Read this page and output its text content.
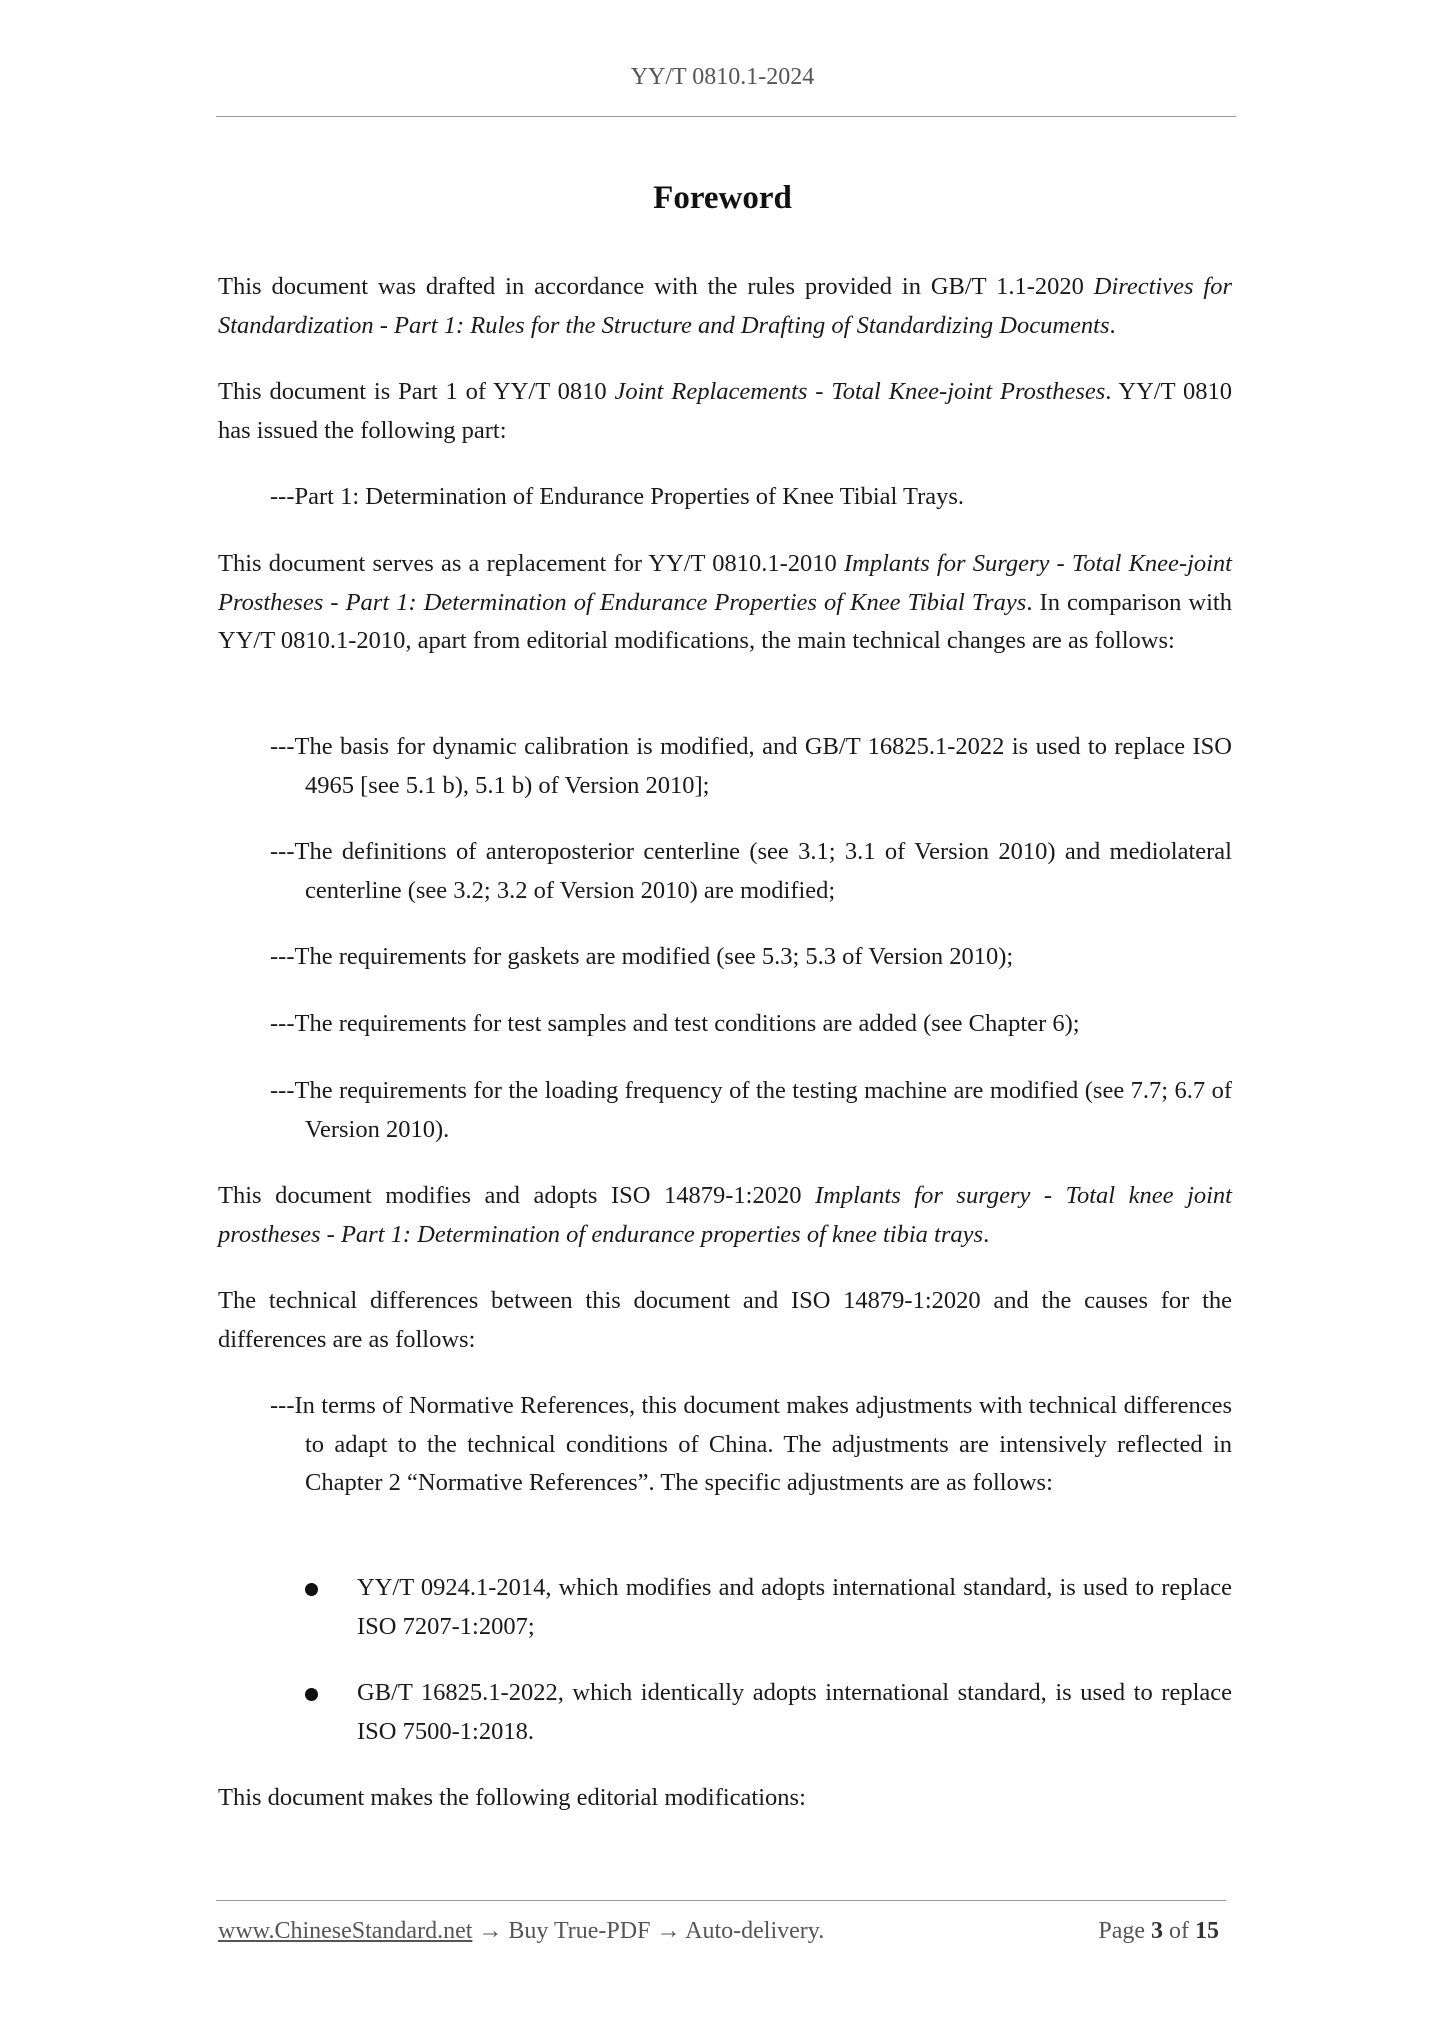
YY/T 0810.1-2024
Foreword
This document was drafted in accordance with the rules provided in GB/T 1.1-2020 Directives for Standardization - Part 1: Rules for the Structure and Drafting of Standardizing Documents.
This document is Part 1 of YY/T 0810 Joint Replacements - Total Knee-joint Prostheses. YY/T 0810 has issued the following part:
---Part 1: Determination of Endurance Properties of Knee Tibial Trays.
This document serves as a replacement for YY/T 0810.1-2010 Implants for Surgery - Total Knee-joint Prostheses - Part 1: Determination of Endurance Properties of Knee Tibial Trays. In comparison with YY/T 0810.1-2010, apart from editorial modifications, the main technical changes are as follows:
---The basis for dynamic calibration is modified, and GB/T 16825.1-2022 is used to replace ISO 4965 [see 5.1 b), 5.1 b) of Version 2010];
---The definitions of anteroposterior centerline (see 3.1; 3.1 of Version 2010) and mediolateral centerline (see 3.2; 3.2 of Version 2010) are modified;
---The requirements for gaskets are modified (see 5.3; 5.3 of Version 2010);
---The requirements for test samples and test conditions are added (see Chapter 6);
---The requirements for the loading frequency of the testing machine are modified (see 7.7; 6.7 of Version 2010).
This document modifies and adopts ISO 14879-1:2020 Implants for surgery - Total knee joint prostheses - Part 1: Determination of endurance properties of knee tibia trays.
The technical differences between this document and ISO 14879-1:2020 and the causes for the differences are as follows:
---In terms of Normative References, this document makes adjustments with technical differences to adapt to the technical conditions of China. The adjustments are intensively reflected in Chapter 2 “Normative References”. The specific adjustments are as follows:
YY/T 0924.1-2014, which modifies and adopts international standard, is used to replace ISO 7207-1:2007;
GB/T 16825.1-2022, which identically adopts international standard, is used to replace ISO 7500-1:2018.
This document makes the following editorial modifications:
www.ChineseStandard.net → Buy True-PDF → Auto-delivery.	Page 3 of 15
